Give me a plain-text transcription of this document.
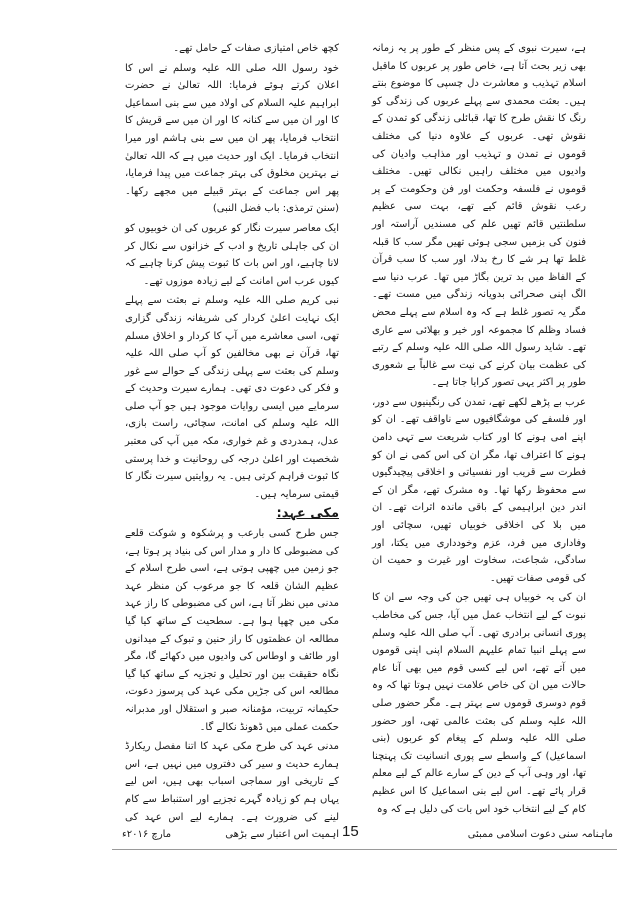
ہے، سیرت نبوی کے پس منظر کے طور پر یہ زمانہ بھی زیر بحث آتا ہے، خاص طور پر عربوں کا ماقبل اسلام تہذیب و معاشرت دل چسپی کا موضوع بنتے ہیں۔ بعثت محمدی سے پہلے عربوں کی زندگی کو رنگ کا نقش طرح کا تھا، قبائلی زندگی کو تمدن کے نقوش تھی۔ عربوں کے علاوہ دنیا کی مختلف قوموں نے تمدن و تہذیب اور مذاہب وادیان کی وادیوں میں مختلف راہیں نکالی تھیں۔ مختلف قوموں نے فلسفہ وحکمت اور فن وحکومت کے پر رعب نقوش قائم کیے تھے، بہت سی عظیم سلطنتیں قائم تھیں علم کی مسندیں آراستہ اور فنون کی بزمیں سجی ہوئی تھیں مگر سب کا قبلہ غلط تھا ہر شے کا رخ بدلا، اور سب کا سب قرآن کے الفاظ میں بد ترین بگاڑ میں تھا۔ عرب دنیا سے الگ اپنی صحرائی بدویانہ زندگی میں مست تھے۔ مگر یہ تصور غلط ہے کہ وہ اسلام سے پہلے محض فساد وظلم کا مجموعہ اور خیر و بھلائی سے عاری تھے۔ شاید رسول اللہ صلی اللہ علیہ وسلم کے رتبے کی عظمت بیان کرنے کی نیت سے غالباً بے شعوری طور پر اکثر یہی تصور کرایا جاتا ہے۔

عرب بے پڑھے لکھے تھے، تمدن کی رنگینیوں سے دور، اور فلسفے کی موشگافیوں سے ناواقف تھے۔ ان کو اپنے امی ہونے کا اور کتاب شریعت سے تہی دامن ہونے کا اعتراف تھا، مگر ان کی اس کمی نے ان کو فطرت سے قریب اور نفسیاتی و اخلاقی پیچیدگیوں سے محفوظ رکھا تھا۔ وہ مشرک تھے، مگر ان کے اندر دین ابراہیمی کے باقی ماندہ اثرات تھے۔ ان میں بلا کی اخلاقی خوبیاں تھیں، سچائی اور وفاداری میں فرد، عزم وخودداری میں یکتا، اور سادگی، شجاعت، سخاوت اور غیرت و حمیت ان کی قومی صفات تھیں۔

ان کی یہ خوبیاں ہی تھیں جن کی وجہ سے ان کا نبوت کے لیے انتخاب عمل میں آیا، جس کی مخاطب پوری انسانی برادری تھی۔ آپ صلی اللہ علیہ وسلم سے پہلے انبیا تمام علیہم السلام اپنی اپنی قوموں میں آتے تھے، اس لیے کسی قوم میں بھی آنا عام حالات میں ان کی خاص علامت نہیں ہوتا تھا کہ وہ قوم دوسری قوموں سے بہتر ہے۔ مگر حضور صلی اللہ علیہ وسلم کی بعثت عالمی تھی، اور حضور صلی اللہ علیہ وسلم کے پیغام کو عربوں (بنی اسماعیل) کے واسطے سے پوری انسانیت تک پہنچنا تھا، اور وہی آپ کے دین کے سارے عالم کے لیے معلم قرار پائے تھے۔ اس لیے بنی اسماعیل کا اس عظیم کام کے لیے انتخاب خود اس بات کی دلیل ہے کہ وہ

کچھ خاص امتیازی صفات کے حامل تھے۔

خود رسول اللہ صلی اللہ علیہ وسلم نے اس کا اعلان کرتے ہوئے فرمایا: اللہ تعالیٰ نے حضرت ابراہیم علیہ السلام کی اولاد میں سے بنی اسماعیل کا اور ان میں سے کنانہ کا اور ان میں سے قریش کا انتخاب فرمایا، پھر ان میں سے بنی ہاشم اور میرا انتخاب فرمایا۔ ایک اور حدیث میں ہے کہ اللہ تعالیٰ نے بہترین مخلوق کی بہتر جماعت میں پیدا فرمایا، پھر اس جماعت کے بہتر قبیلے میں مجھے رکھا۔ (سنن ترمذی: باب فضل النبی)

ایک معاصر سیرت نگار کو عربوں کی ان خوبیوں کو ان کی جاہلی تاریخ و ادب کے خزانوں سے نکال کر لانا چاہیے، اور اس بات کا ثبوت پیش کرنا چاہیے کہ کیوں عرب اس امانت کے لیے زیادہ موزوں تھے۔

نبی کریم صلی اللہ علیہ وسلم نے بعثت سے پہلے ایک نہایت اعلیٰ کردار کی شریفانہ زندگی گزاری تھی، اسی معاشرے میں آپ کا کردار و اخلاق مسلم تھا، قرآن نے بھی مخالفین کو آپ صلی اللہ علیہ وسلم کی بعثت سے پہلی زندگی کے حوالے سے غور و فکر کی دعوت دی تھی۔ ہمارے سیرت وحدیث کے سرمایے میں ایسی روایات موجود ہیں جو آپ صلی اللہ علیہ وسلم کی امانت، سچائی، راست بازی، عدل، ہمدردی و غم خواری، مکہ میں آپ کی معتبر شخصیت اور اعلیٰ درجہ کی روحانیت و خدا پرستی کا ثبوت فراہم کرتی ہیں۔ یہ روایتیں سیرت نگار کا قیمتی سرمایہ ہیں۔

مکی عہد:

جس طرح کسی بارعب و پرشکوہ و شوکت قلعے کی مضبوطی کا دار و مدار اس کی بنیاد پر ہوتا ہے، جو زمین میں چھپی ہوتی ہے، اسی طرح اسلام کے عظیم الشان قلعہ کا جو مرعوب کن منظر عہد مدنی میں نظر آتا ہے، اس کی مضبوطی کا راز عہد مکی میں چھپا ہوا ہے۔ سطحیت کے ساتھ کیا گیا مطالعہ ان عظمتوں کا راز حنین و تبوک کے میدانوں اور طائف و اوطاس کی وادیوں میں دکھائے گا، مگر نگاہ حقیقت بین اور تحلیل و تجزیہ کے ساتھ کیا گیا مطالعہ اس کی جڑیں مکی عہد کی پرسوز دعوت، حکیمانہ تربیت، مؤمنانہ صبر و استقلال اور مدبرانہ حکمت عملی میں ڈھونڈ نکالے گا۔

مدنی عہد کی طرح مکی عہد کا اتنا مفصل ریکارڈ ہمارے حدیث و سیر کی دفتروں میں نہیں ہے، اس کے تاریخی اور سماجی اسباب بھی ہیں، اس لیے یہاں ہم کو زیادہ گہرے تجزیے اور استنباط سے کام لینے کی ضرورت ہے۔ ہمارے لیے اس عہد کی اہمیت اس اعتبار سے بڑھی	ماہنامہ سنی دعوت اسلامی ممبئی
15
مارچ ۲۰۱۶ء
